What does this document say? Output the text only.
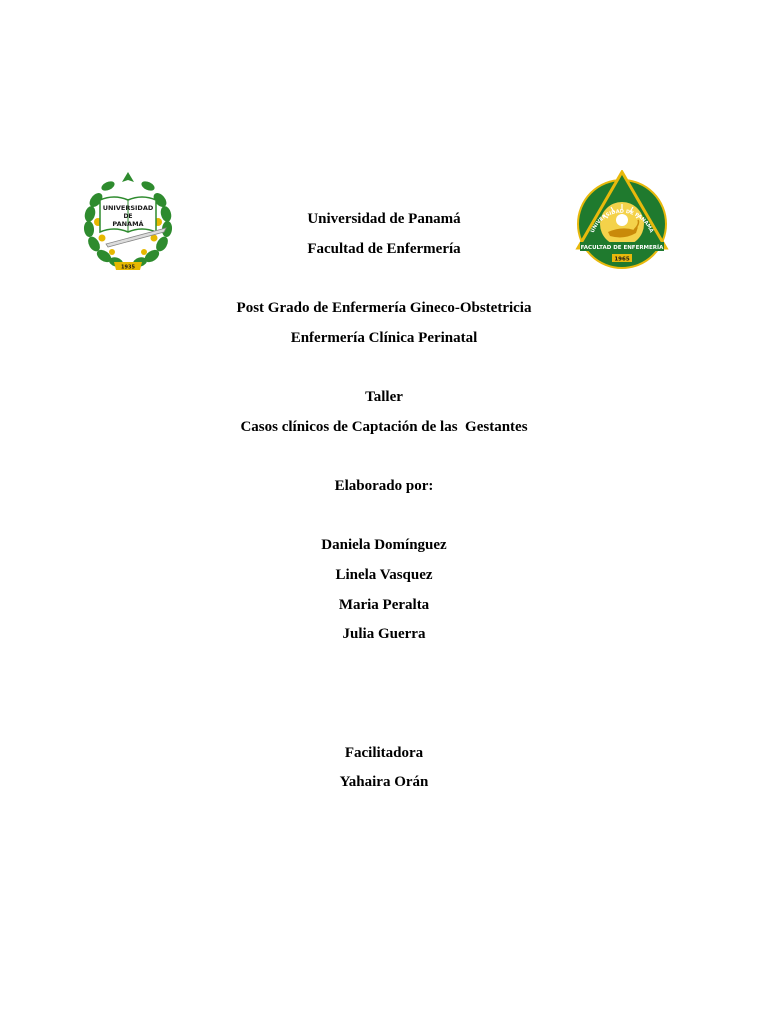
UNIVERSIDAD
DE
PANAMÁ
1935
UNIVERSIDAD DE PANAMÁ
FACULTAD DE ENFERMERÍA
1965
Universidad de Panamá
Facultad de Enfermería
Post Grado de Enfermería Gineco-Obstetricia
Enfermería Clínica Perinatal
Taller
Casos clínicos de Captación de las  Gestantes
Elaborado por:
Daniela Domínguez
Linela Vasquez
Maria Peralta
Julia Guerra
Facilitadora
Yahaira Orán
